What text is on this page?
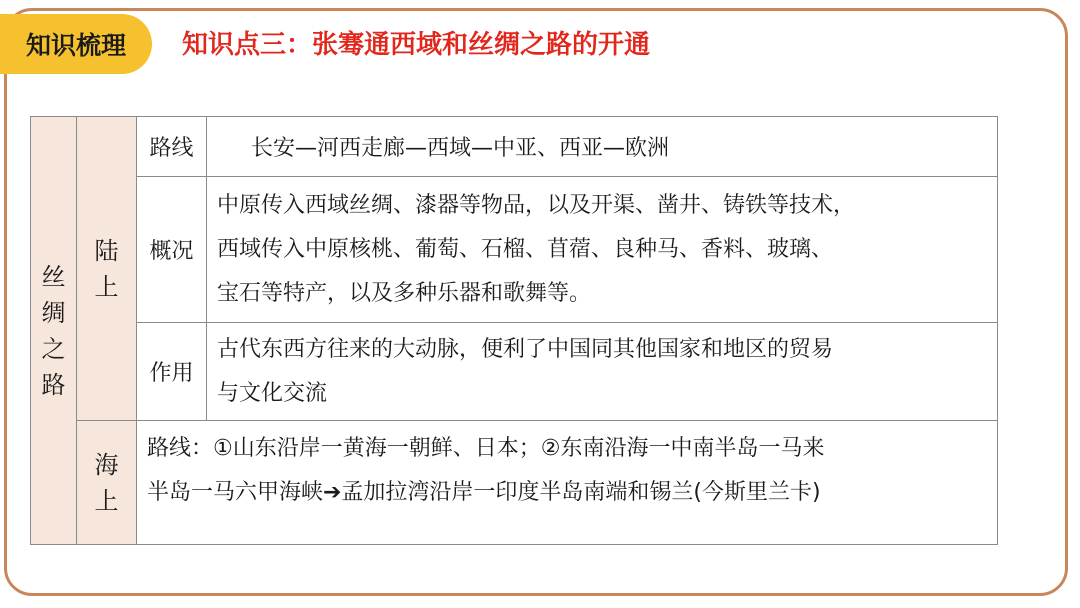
知识梳理	知识点三：张骞通西域和丝绸之路的开通
丝绸之路	陆上	路线	长安—河西走廊—西域—中亚、西亚—欧洲
		概况	中原传入西域丝绸、漆器等物品，以及开渠、凿井、铸铁等技术，
西域传入中原核桃、葡萄、石榴、苜蓿、良种马、香料、玻璃、
宝石等特产，以及多种乐器和歌舞等。

		作用	古代东西方往来的大动脉，便利了中国同其他国家和地区的贸易
与文化交流

	海上	路线：①山东沿岸一黄海一朝鲜、日本；②东南沿海一中南半岛一马来
半岛一马六甲海峡➔孟加拉湾沿岸一印度半岛南端和锡兰(今斯里兰卡)	
